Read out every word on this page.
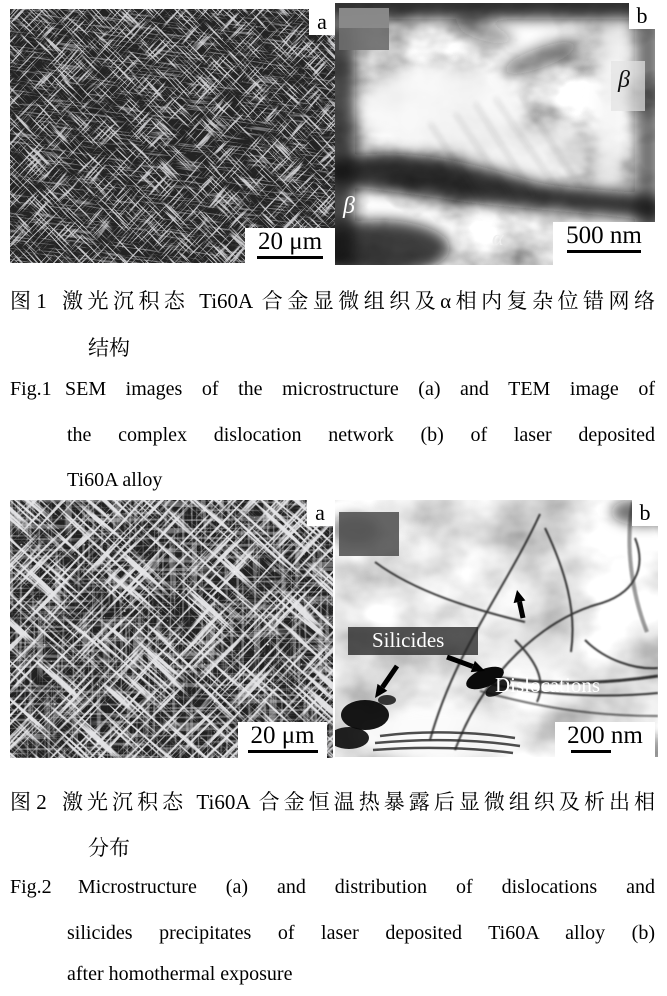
a
20 μm
b
β
β
α	500 nm
图 1 激光沉积态 Ti60A 合金显微组织及α相内复杂位错网络
结构
Fig.1 SEM images of the microstructure (a) and TEM image of
the complex dislocation network (b) of laser deposited
Ti60A alloy
a
20 μm
b
Silicides
Dislocations
200 nm
图 2 激光沉积态 Ti60A 合金恒温热暴露后显微组织及析出相
分布
Fig.2	Microstructure (a) and distribution of dislocations and
silicides precipitates of laser deposited Ti60A alloy (b)
after homothermal exposure
